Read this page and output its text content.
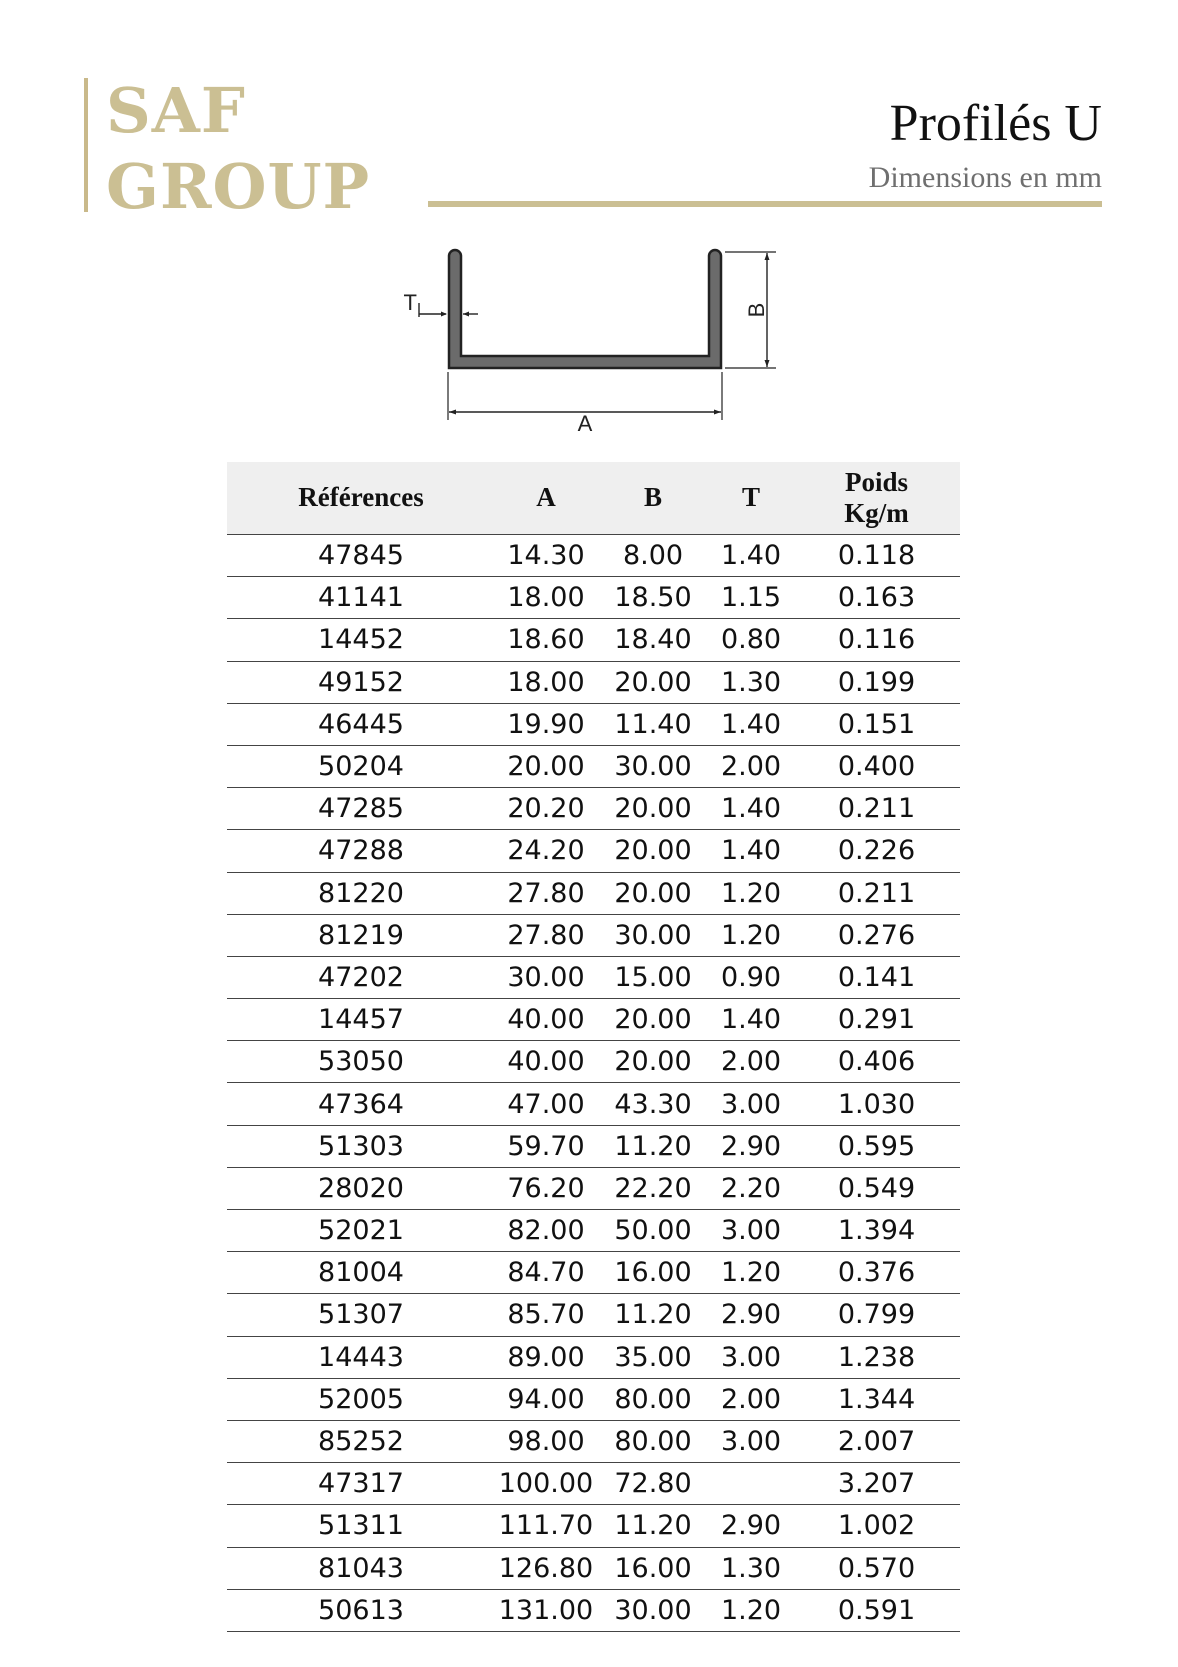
SAF
GROUP
Profilés U
Dimensions en mm
T	B
A
Références	A	B	T	Poids
Kg/m
47845	14.30	8.00	1.40	0.118
41141	18.00	18.50	1.15	0.163
14452	18.60	18.40	0.80	0.116
49152	18.00	20.00	1.30	0.199
46445	19.90	11.40	1.40	0.151
50204	20.00	30.00	2.00	0.400
47285	20.20	20.00	1.40	0.211
47288	24.20	20.00	1.40	0.226
81220	27.80	20.00	1.20	0.211
81219	27.80	30.00	1.20	0.276
47202	30.00	15.00	0.90	0.141
14457	40.00	20.00	1.40	0.291
53050	40.00	20.00	2.00	0.406
47364	47.00	43.30	3.00	1.030
51303	59.70	11.20	2.90	0.595
28020	76.20	22.20	2.20	0.549
52021	82.00	50.00	3.00	1.394
81004	84.70	16.00	1.20	0.376
51307	85.70	11.20	2.90	0.799
14443	89.00	35.00	3.00	1.238
52005	94.00	80.00	2.00	1.344
85252	98.00	80.00	3.00	2.007
47317	100.00	72.80		3.207
51311	111.70	11.20	2.90	1.002
81043	126.80	16.00	1.30	0.570
50613	131.00	30.00	1.20	0.591
